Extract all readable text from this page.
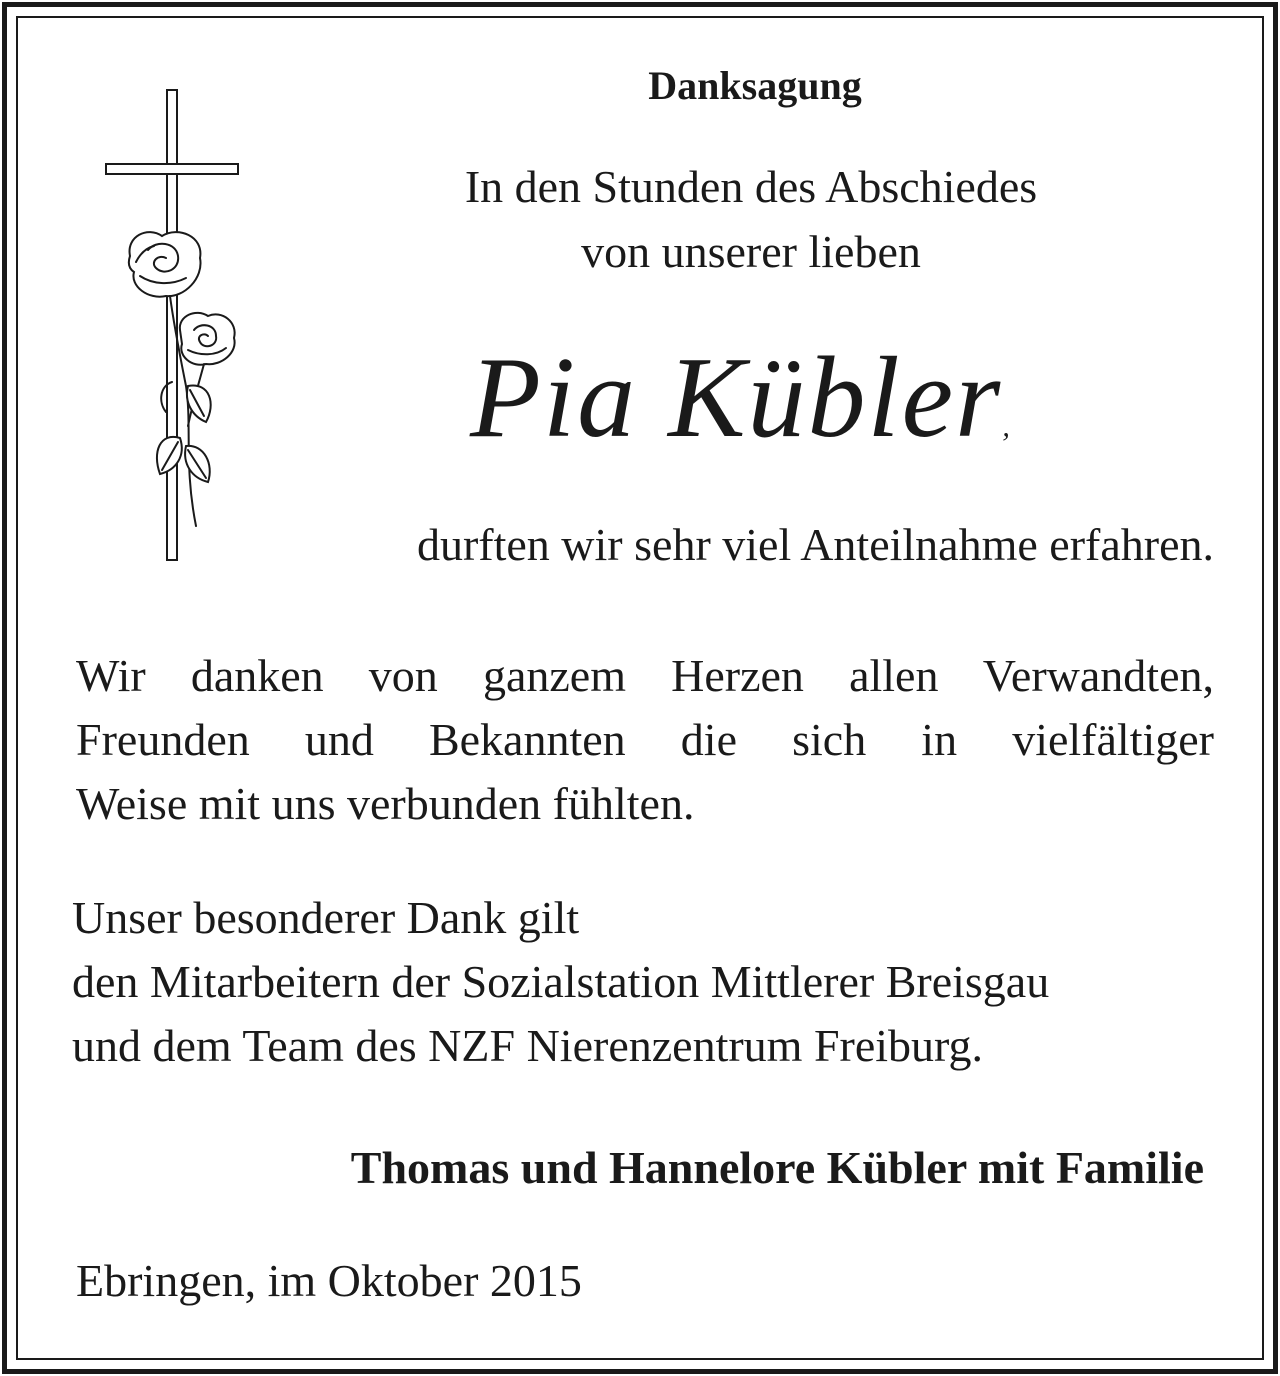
Danksagung

In den Stunden des Abschiedes

von unserer lieben

Pia Kübler,

durften wir sehr viel Anteilnahme erfahren.

Wir danken von ganzem Herzen allen Verwandten,
Freunden und Bekannten die sich in vielfältiger
Weise mit uns verbunden fühlten.
Unser besonderer Dank gilt
den Mitarbeitern der Sozialstation Mittlerer Breisgau
und dem Team des NZF Nierenzentrum Freiburg.

Thomas und Hannelore Kübler mit Familie

Ebringen, im Oktober 2015
